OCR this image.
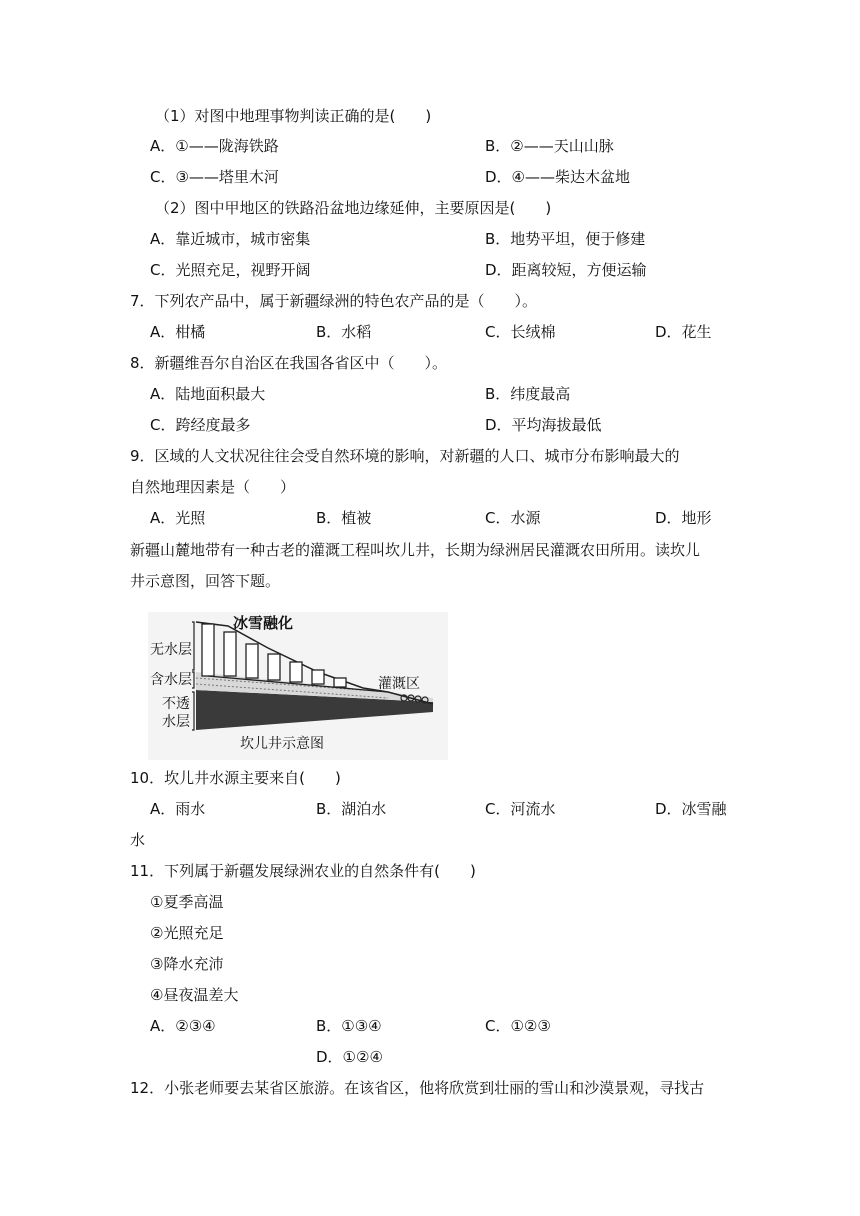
（1）对图中地理事物判读正确的是(　　)
A．①——陇海铁路	B．②——天山山脉
C．③——塔里木河	D．④——柴达木盆地
（2）图中甲地区的铁路沿盆地边缘延伸，主要原因是(　　)
A．靠近城市，城市密集	B．地势平坦，便于修建
C．光照充足，视野开阔	D．距离较短，方便运输
7．下列农产品中，属于新疆绿洲的特色农产品的是（　　）。
A．柑橘	B．水稻	C．长绒棉	D．花生
8．新疆维吾尔自治区在我国各省区中（　　）。
A．陆地面积最大	B．纬度最高
C．跨经度最多	D．平均海拔最低
9．区域的人文状况往往会受自然环境的影响，对新疆的人口、城市分布影响最大的
自然地理因素是（　　）
A．光照	B．植被	C．水源	D．地形
新疆山麓地带有一种古老的灌溉工程叫坎儿井，长期为绿洲居民灌溉农田所用。读坎儿
井示意图，回答下题。
无水层
冰雪融化
含水层
不透
水层
灌溉区
坎儿井示意图
10．坎儿井水源主要来自(　　)
A．雨水	B．湖泊水	C．河流水	D．冰雪融
水
11．下列属于新疆发展绿洲农业的自然条件有(　　)
①夏季高温
②光照充足
③降水充沛
④昼夜温差大
A．②③④	B．①③④	C．①②③
D．①②④
12．小张老师要去某省区旅游。在该省区，他将欣赏到壮丽的雪山和沙漠景观，寻找古
